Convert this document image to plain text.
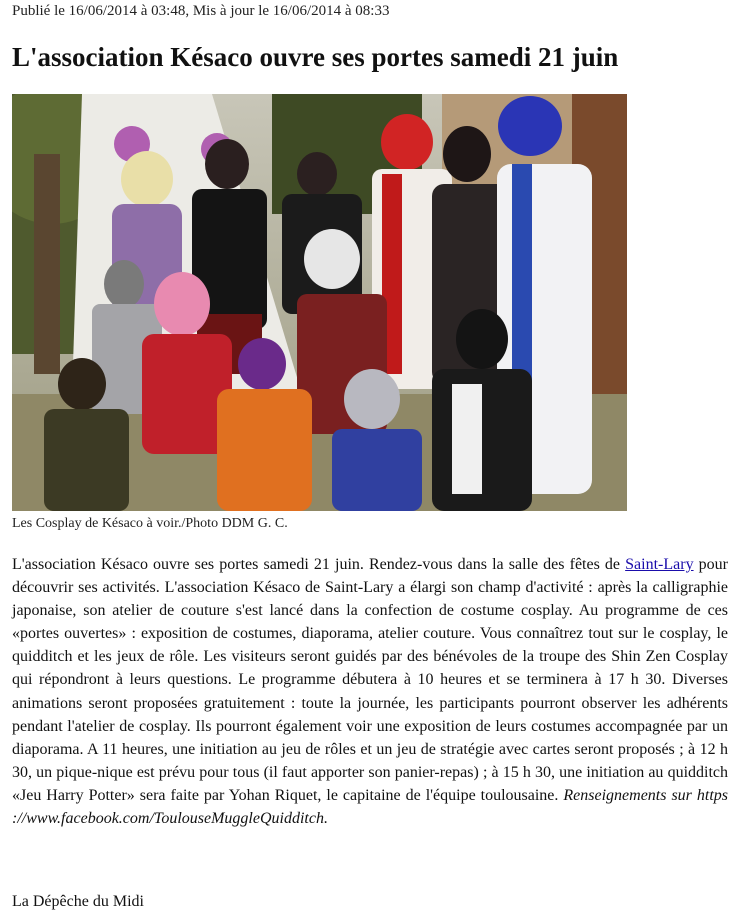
Publié le 16/06/2014 à 03:48, Mis à jour le 16/06/2014 à 08:33
L'association Késaco ouvre ses portes samedi 21 juin
Les Cosplay de Késaco à voir./Photo DDM G. C.

L'association Késaco ouvre ses portes samedi 21 juin. Rendez-vous dans la salle des fêtes de Saint-Lary pour découvrir ses activités. L'association Késaco de Saint-Lary a élargi son champ d'activité : après la calligraphie japonaise, son atelier de couture s'est lancé dans la confection de costume cosplay. Au programme de ces «portes ouvertes» : exposition de costumes, diaporama, atelier couture. Vous connaîtrez tout sur le cosplay, le quidditch et les jeux de rôle. Les visiteurs seront guidés par des bénévoles de la troupe des Shin Zen Cosplay qui répondront à leurs questions. Le programme débutera à 10 heures et se terminera à 17 h 30. Diverses animations seront proposées gratuitement : toute la journée, les participants pourront observer les adhérents pendant l'atelier de cosplay. Ils pourront également voir une exposition de leurs costumes accompagnée par un diaporama. A 11 heures, une initiation au jeu de rôles et un jeu de stratégie avec cartes seront proposés ; à 12 h 30, un pique-nique est prévu pour tous (il faut apporter son panier-repas) ; à 15 h 30, une initiation au quidditch «Jeu Harry Potter» sera faite par Yohan Riquet, le capitaine de l'équipe toulousaine. Renseignements sur https ://www.facebook.com/ToulouseMuggleQuidditch.

La Dépêche du Midi
